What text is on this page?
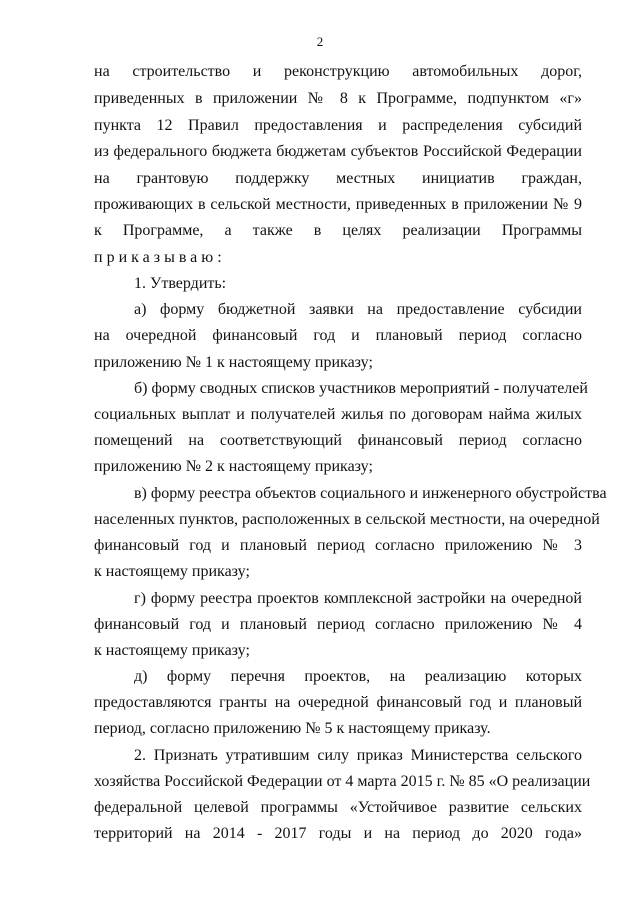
2
на строительство и реконструкцию автомобильных дорог,
приведенных в приложении № 8 к Программе, подпунктом «г»
пункта 12 Правил предоставления и распределения субсидий
из федерального бюджета бюджетам субъектов Российской Федерации
на грантовую поддержку местных инициатив граждан,
проживающих в сельской местности, приведенных в приложении № 9
к Программе, а также в целях реализации Программы
приказываю:
1. Утвердить:
а) форму бюджетной заявки на предоставление субсидии
на очередной финансовый год и плановый период согласно
приложению № 1 к настоящему приказу;
б) форму сводных списков участников мероприятий - получателей
социальных выплат и получателей жилья по договорам найма жилых
помещений на соответствующий финансовый период согласно
приложению № 2 к настоящему приказу;
в) форму реестра объектов социального и инженерного обустройства
населенных пунктов, расположенных в сельской местности, на очередной
финансовый год и плановый период согласно приложению № 3
к настоящему приказу;
г) форму реестра проектов комплексной застройки на очередной
финансовый год и плановый период согласно приложению № 4
к настоящему приказу;
д) форму перечня проектов, на реализацию которых
предоставляются гранты на очередной финансовый год и плановый
период, согласно приложению № 5 к настоящему приказу.
2. Признать утратившим силу приказ Министерства сельского
хозяйства Российской Федерации от 4 марта 2015 г. № 85 «О реализации
федеральной целевой программы «Устойчивое развитие сельских
территорий на 2014 - 2017 годы и на период до 2020 года»
